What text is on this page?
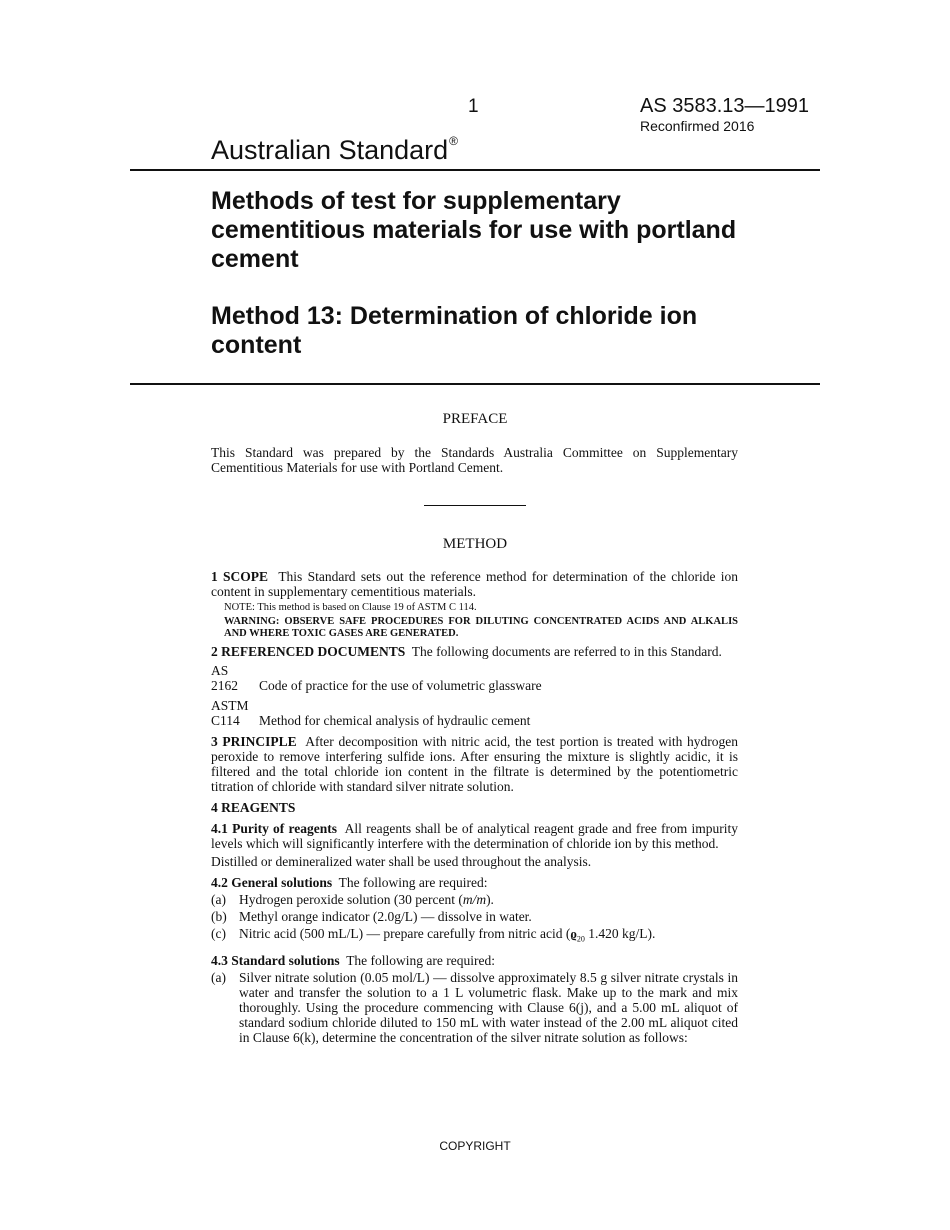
1	AS 3583.13—1991
Reconfirmed 2016
Australian Standard®

Methods of test for supplementary cementitious materials for use with portland cement

Method 13: Determination of chloride ion content

PREFACE

This Standard was prepared by the Standards Australia Committee on Supplementary Cementitious Materials for use with Portland Cement.

METHOD

1 SCOPE This Standard sets out the reference method for determination of the chloride ion content in supplementary cementitious materials.

NOTE: This method is based on Clause 19 of ASTM C 114.

WARNING: OBSERVE SAFE PROCEDURES FOR DILUTING CONCENTRATED ACIDS AND ALKALIS AND WHERE TOXIC GASES ARE GENERATED.

2 REFERENCED DOCUMENTS The following documents are referred to in this Standard.

AS
2162	Code of practice for the use of volumetric glassware
ASTM
C114	Method for chemical analysis of hydraulic cement

3 PRINCIPLE After decomposition with nitric acid, the test portion is treated with hydrogen peroxide to remove interfering sulfide ions. After ensuring the mixture is slightly acidic, it is filtered and the total chloride ion content in the filtrate is determined by the potentiometric titration of chloride with standard silver nitrate solution.

4 REAGENTS

4.1 Purity of reagents All reagents shall be of analytical reagent grade and free from impurity levels which will significantly interfere with the determination of chloride ion by this method.

Distilled or demineralized water shall be used throughout the analysis.

4.2 General solutions The following are required:

(a) Hydrogen peroxide solution (30 percent (m/m).
(b) Methyl orange indicator (2.0g/L) — dissolve in water.
(c) Nitric acid (500 mL/L) — prepare carefully from nitric acid ($ϱ_{20}$ 1.420 kg/L).

4.3 Standard solutions The following are required:

(a) Silver nitrate solution (0.05 mol/L) — dissolve approximately 8.5 g silver nitrate crystals in water and transfer the solution to a 1 L volumetric flask. Make up to the mark and mix thoroughly. Using the procedure commencing with Clause 6(j), and a 5.00 mL aliquot of standard sodium chloride diluted to 150 mL with water instead of the 2.00 mL aliquot cited in Clause 6(k), determine the concentration of the silver nitrate solution as follows:
COPYRIGHT
